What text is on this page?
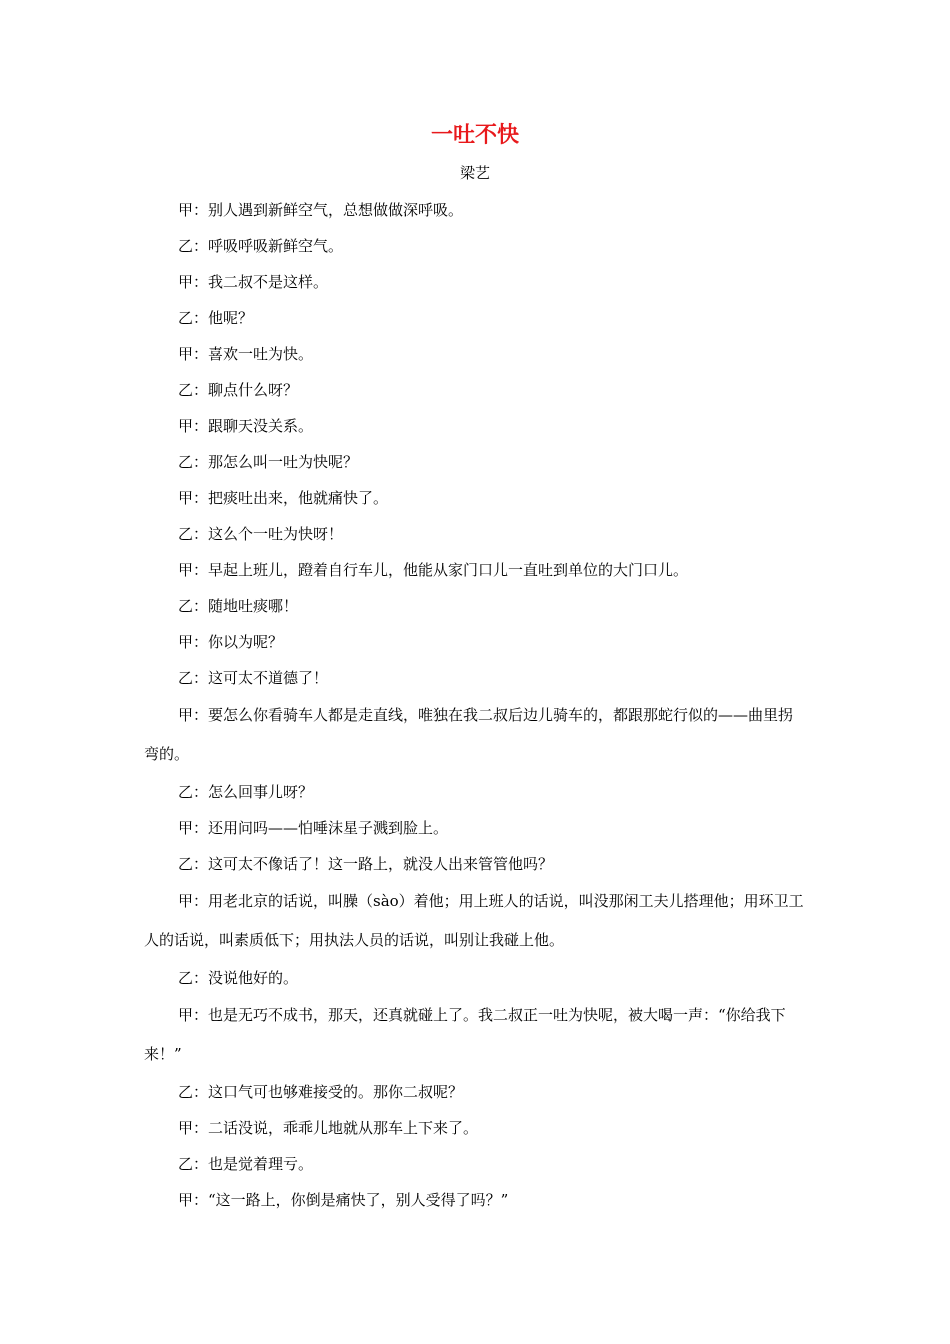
一吐不快

梁艺

甲：别人遇到新鲜空气，总想做做深呼吸。

乙：呼吸呼吸新鲜空气。

甲：我二叔不是这样。

乙：他呢？

甲：喜欢一吐为快。

乙：聊点什么呀？

甲：跟聊天没关系。

乙：那怎么叫一吐为快呢？

甲：把痰吐出来，他就痛快了。

乙：这么个一吐为快呀！

甲：早起上班儿，蹬着自行车儿，他能从家门口儿一直吐到单位的大门口儿。

乙：随地吐痰哪！

甲：你以为呢？

乙：这可太不道德了！

甲：要怎么你看骑车人都是走直线，唯独在我二叔后边儿骑车的，都跟那蛇行似的——曲里拐弯的。

乙：怎么回事儿呀？

甲：还用问吗——怕唾沫星子溅到脸上。

乙：这可太不像话了！这一路上，就没人出来管管他吗？

甲：用老北京的话说，叫臊（sào）着他；用上班人的话说，叫没那闲工夫儿搭理他；用环卫工人的话说，叫素质低下；用执法人员的话说，叫别让我碰上他。

乙：没说他好的。

甲：也是无巧不成书，那天，还真就碰上了。我二叔正一吐为快呢，被大喝一声：“你给我下来！”

乙：这口气可也够难接受的。那你二叔呢？

甲：二话没说，乖乖儿地就从那车上下来了。

乙：也是觉着理亏。

甲：“这一路上，你倒是痛快了，别人受得了吗？”
